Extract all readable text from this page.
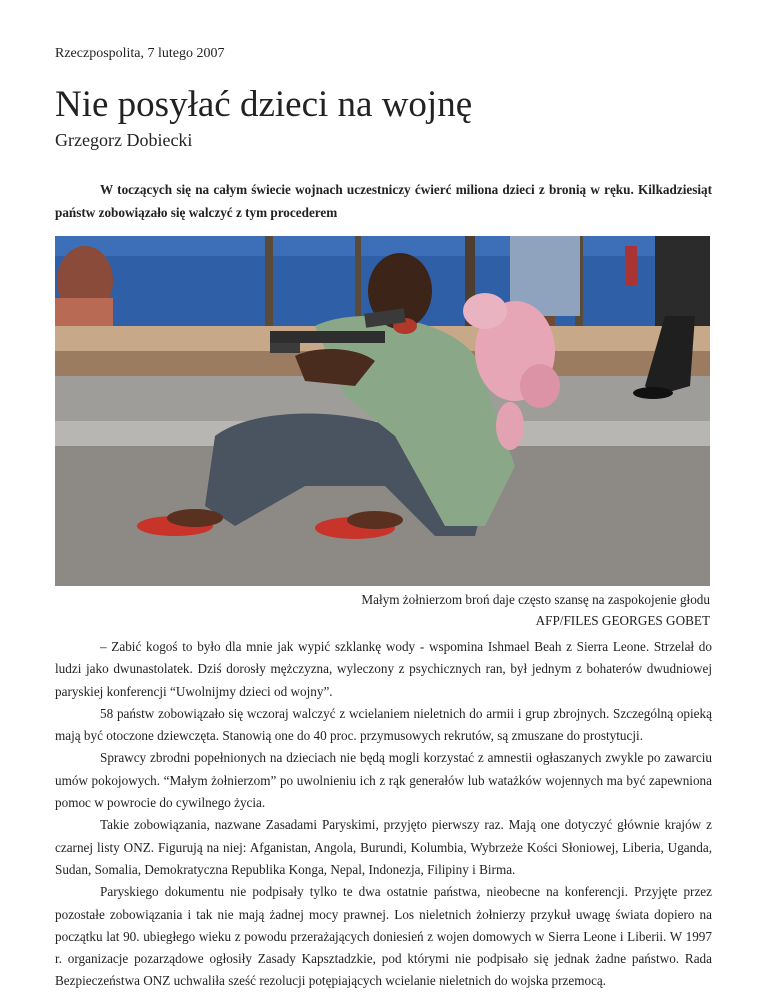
Rzeczpospolita, 7 lutego 2007
Nie posyłać dzieci na wojnę
Grzegorz Dobiecki

W toczących się na całym świecie wojnach uczestniczy ćwierć miliona dzieci z bronią w ręku. Kilkadziesiąt państw zobowiązało się walczyć z tym procederem

Małym żołnierzom broń daje często szansę na zaspokojenie głodu
AFP/FILES GEORGES GOBET

– Zabić kogoś to było dla mnie jak wypić szklankę wody - wspomina Ishmael Beah z Sierra Leone. Strzelał do ludzi jako dwunastolatek. Dziś dorosły mężczyzna, wyleczony z psychicznych ran, był jednym z bohaterów dwudniowej paryskiej konferencji “Uwolnijmy dzieci od wojny”.

58 państw zobowiązało się wczoraj walczyć z wcielaniem nieletnich do armii i grup zbrojnych. Szczególną opieką mają być otoczone dziewczęta. Stanowią one do 40 proc. przymusowych rekrutów, są zmuszane do prostytucji.

Sprawcy zbrodni popełnionych na dzieciach nie będą mogli korzystać z amnestii ogłaszanych zwykle po zawarciu umów pokojowych. “Małym żołnierzom” po uwolnieniu ich z rąk generałów lub watażków wojennych ma być zapewniona pomoc w powrocie do cywilnego życia.

Takie zobowiązania, nazwane Zasadami Paryskimi, przyjęto pierwszy raz. Mają one dotyczyć głównie krajów z czarnej listy ONZ. Figurują na niej: Afganistan, Angola, Burundi, Kolumbia, Wybrzeże Kości Słoniowej, Liberia, Uganda, Sudan, Somalia, Demokratyczna Republika Konga, Nepal, Indonezja, Filipiny i Birma.

Paryskiego dokumentu nie podpisały tylko te dwa ostatnie państwa, nieobecne na konferencji. Przyjęte przez pozostałe zobowiązania i tak nie mają żadnej mocy prawnej. Los nieletnich żołnierzy przykuł uwagę świata dopiero na początku lat 90. ubiegłego wieku z powodu przerażających doniesień z wojen domowych w Sierra Leone i Liberii. W 1997 r. organizacje pozarządowe ogłosiły Zasady Kapsztadzkie, pod którymi nie podpisało się jednak żadne państwo. Rada Bezpieczeństwa ONZ uchwaliła sześć rezolucji potępiających wcielanie nieletnich do wojska przemocą.
